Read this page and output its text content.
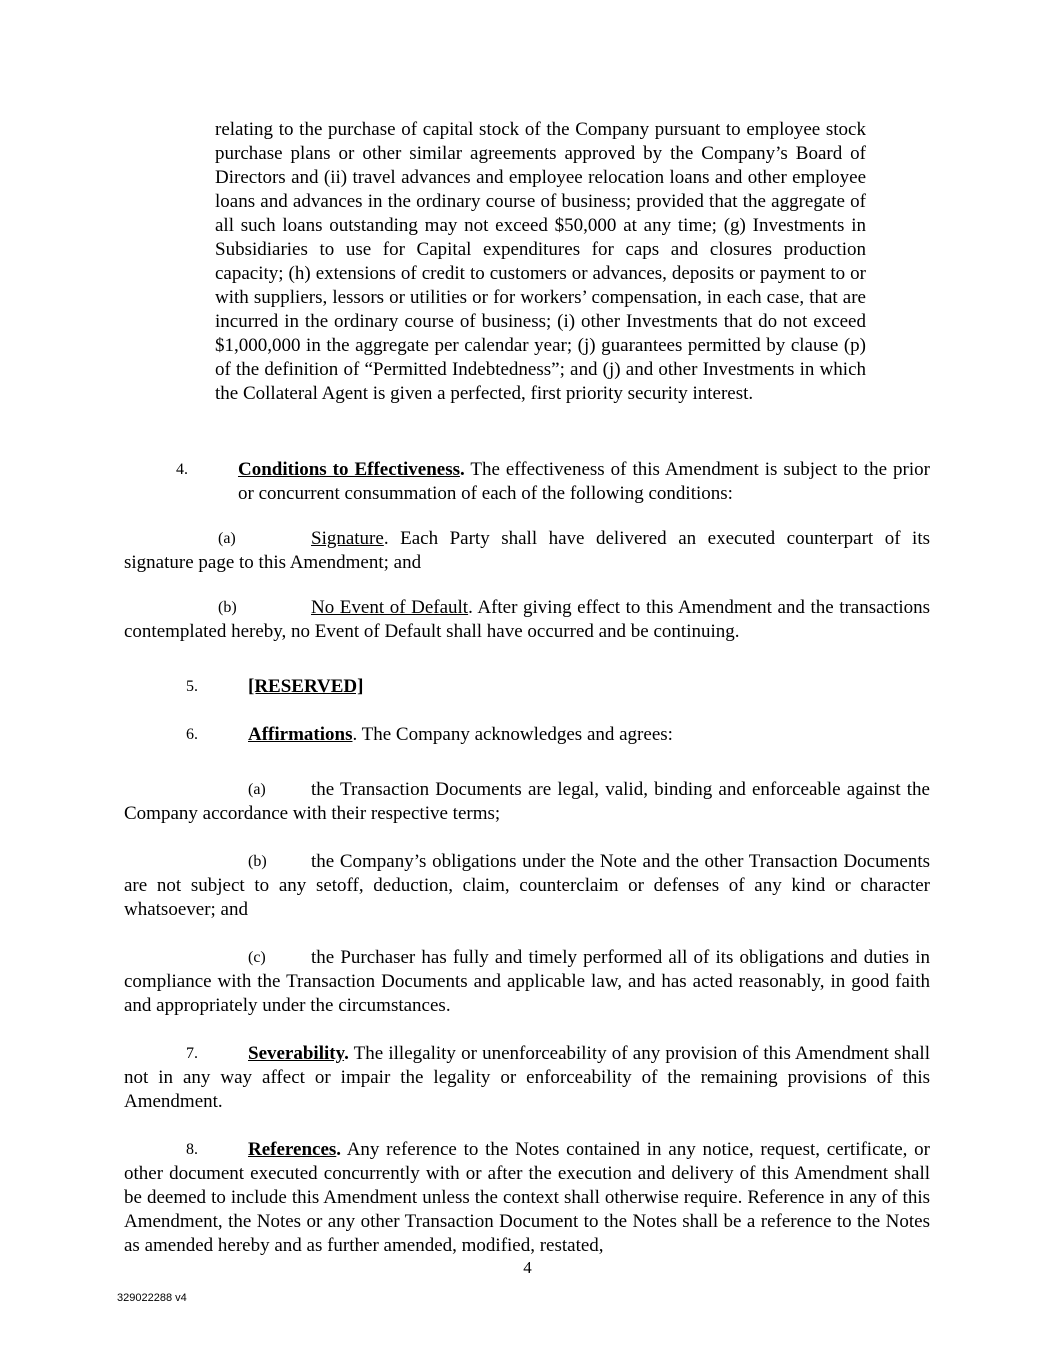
relating to the purchase of capital stock of the Company pursuant to employee stock purchase plans or other similar agreements approved by the Company’s Board of Directors and (ii) travel advances and employee relocation loans and other employee loans and advances in the ordinary course of business; provided that the aggregate of all such loans outstanding may not exceed $50,000 at any time; (g) Investments in Subsidiaries to use for Capital expenditures for caps and closures production capacity; (h) extensions of credit to customers or advances, deposits or payment to or with suppliers, lessors or utilities or for workers’ compensation, in each case, that are incurred in the ordinary course of business; (i) other Investments that do not exceed $1,000,000 in the aggregate per calendar year; (j) guarantees permitted by clause (p) of the definition of “Permitted Indebtedness”; and (j) and other Investments in which the Collateral Agent is given a perfected, first priority security interest.

4.	Conditions to Effectiveness. The effectiveness of this Amendment is subject to the prior or concurrent consummation of each of the following conditions:

(a)	Signature. Each Party shall have delivered an executed counterpart of its signature page to this Amendment; and

(b)	No Event of Default. After giving effect to this Amendment and the transactions contemplated hereby, no Event of Default shall have occurred and be continuing.

5.	[RESERVED]
6.	Affirmations. The Company acknowledges and agrees:

(a)	the Transaction Documents are legal, valid, binding and enforceable against the Company accordance with their respective terms;

(b)	the Company’s obligations under the Note and the other Transaction Documents are not subject to any setoff, deduction, claim, counterclaim or defenses of any kind or character whatsoever; and

(c)	the Purchaser has fully and timely performed all of its obligations and duties in compliance with the Transaction Documents and applicable law, and has acted reasonably, in good faith and appropriately under the circumstances.

7.	Severability. The illegality or unenforceability of any provision of this Amendment shall not in any way affect or impair the legality or enforceability of the remaining provisions of this Amendment.

8.	References. Any reference to the Notes contained in any notice, request, certificate, or other document executed concurrently with or after the execution and delivery of this Amendment shall be deemed to include this Amendment unless the context shall otherwise require. Reference in any of this Amendment, the Notes or any other Transaction Document to the Notes shall be a reference to the Notes as amended hereby and as further amended, modified, restated,

4
329022288 v4
